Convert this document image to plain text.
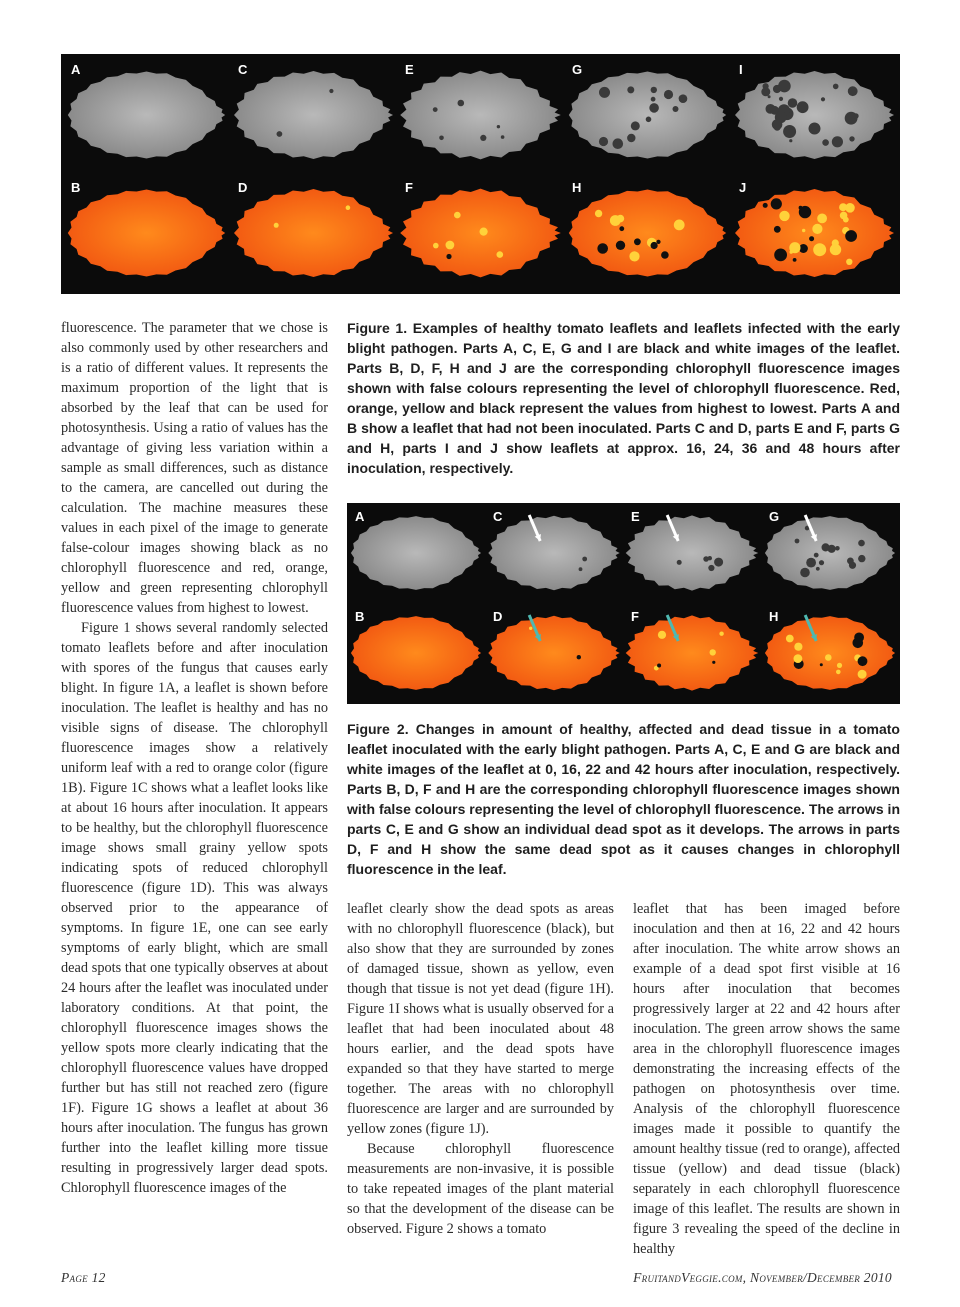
A	C	E	G	I
B	D	F	H	J
Figure 1. Examples of healthy tomato leaflets and leaflets infected with the early blight pathogen. Parts A, C, E, G and I are black and white images of the leaflet. Parts B, D, F, H and J are the corresponding chlorophyll fluorescence images shown with false colours representing the level of chlorophyll fluorescence. Red, orange, yellow and black represent the values from highest to lowest. Parts A and B show a leaflet that had not been inoculated. Parts C and D, parts E and F, parts G and H, parts I and J show leaflets at approx. 16, 24, 36 and 48 hours after inoculation, respectively.
A	C	E	G
B	D	F	H
Figure 2. Changes in amount of healthy, affected and dead tissue in a tomato leaflet inoculated with the early blight pathogen. Parts A, C, E and G are black and white images of the leaflet at 0, 16, 22 and 42 hours after inoculation, respectively. Parts B, D, F and H are the corresponding chlorophyll fluorescence images shown with false colours representing the level of chlorophyll fluorescence. The arrows in parts C, E and G show an individual dead spot as it develops. The arrows in parts D, F and H show the same dead spot as it causes changes in chlorophyll fluorescence in the leaf.

fluorescence. The parameter that we chose is also commonly used by other researchers and is a ratio of different values. It represents the maximum proportion of the light that is absorbed by the leaf that can be used for photosynthesis. Using a ratio of values has the advantage of giving less variation within a sample as small differences, such as distance to the camera, are cancelled out during the calculation. The machine measures these values in each pixel of the image to generate false-colour images showing black as no chlorophyll fluorescence and red, orange, yellow and green representing chlorophyll fluorescence values from highest to lowest.

Figure 1 shows several randomly selected tomato leaflets before and after inoculation with spores of the fungus that causes early blight. In figure 1A, a leaflet is shown before inoculation. The leaflet is healthy and has no visible signs of disease. The chlorophyll fluorescence images show a relatively uniform leaf with a red to orange color (figure 1B). Figure 1C shows what a leaflet looks like at about 16 hours after inoculation. It appears to be healthy, but the chlorophyll fluorescence image shows small grainy yellow spots indicating spots of reduced chlorophyll fluorescence (figure 1D). This was always observed prior to the appearance of symptoms. In figure 1E, one can see early symptoms of early blight, which are small dead spots that one typically observes at about 24 hours after the leaflet was inoculated under laboratory conditions. At that point, the chlorophyll fluorescence images shows the yellow spots more clearly indicating that the chlorophyll fluorescence values have dropped further but has still not reached zero (figure 1F). Figure 1G shows a leaflet at about 36 hours after inoculation. The fungus has grown further into the leaflet killing more tissue resulting in progressively larger dead spots. Chlorophyll fluorescence images of the

leaflet clearly show the dead spots as areas with no chlorophyll fluorescence (black), but also show that they are surrounded by zones of damaged tissue, shown as yellow, even though that tissue is not yet dead (figure 1H). Figure 1I shows what is usually observed for a leaflet that had been inoculated about 48 hours earlier, and the dead spots have expanded so that they have started to merge together. The areas with no chlorophyll fluorescence are larger and are surrounded by yellow zones (figure 1J).

Because chlorophyll fluorescence measurements are non-invasive, it is possible to take repeated images of the plant material so that the development of the disease can be observed. Figure 2 shows a tomato

leaflet that has been imaged before inoculation and then at 16, 22 and 42 hours after inoculation. The white arrow shows an example of a dead spot first visible at 16 hours after inoculation that becomes progressively larger at 22 and 42 hours after inoculation. The green arrow shows the same area in the chlorophyll fluorescence images demonstrating the increasing effects of the pathogen on photosynthesis over time. Analysis of the chlorophyll fluorescence images made it possible to quantify the amount healthy tissue (red to orange), affected tissue (yellow) and dead tissue (black) separately in each chlorophyll fluorescence image of this leaflet. The results are shown in figure 3 revealing the speed of the decline in healthy

Page 12	FruitandVeggie.com, November/December 2010
